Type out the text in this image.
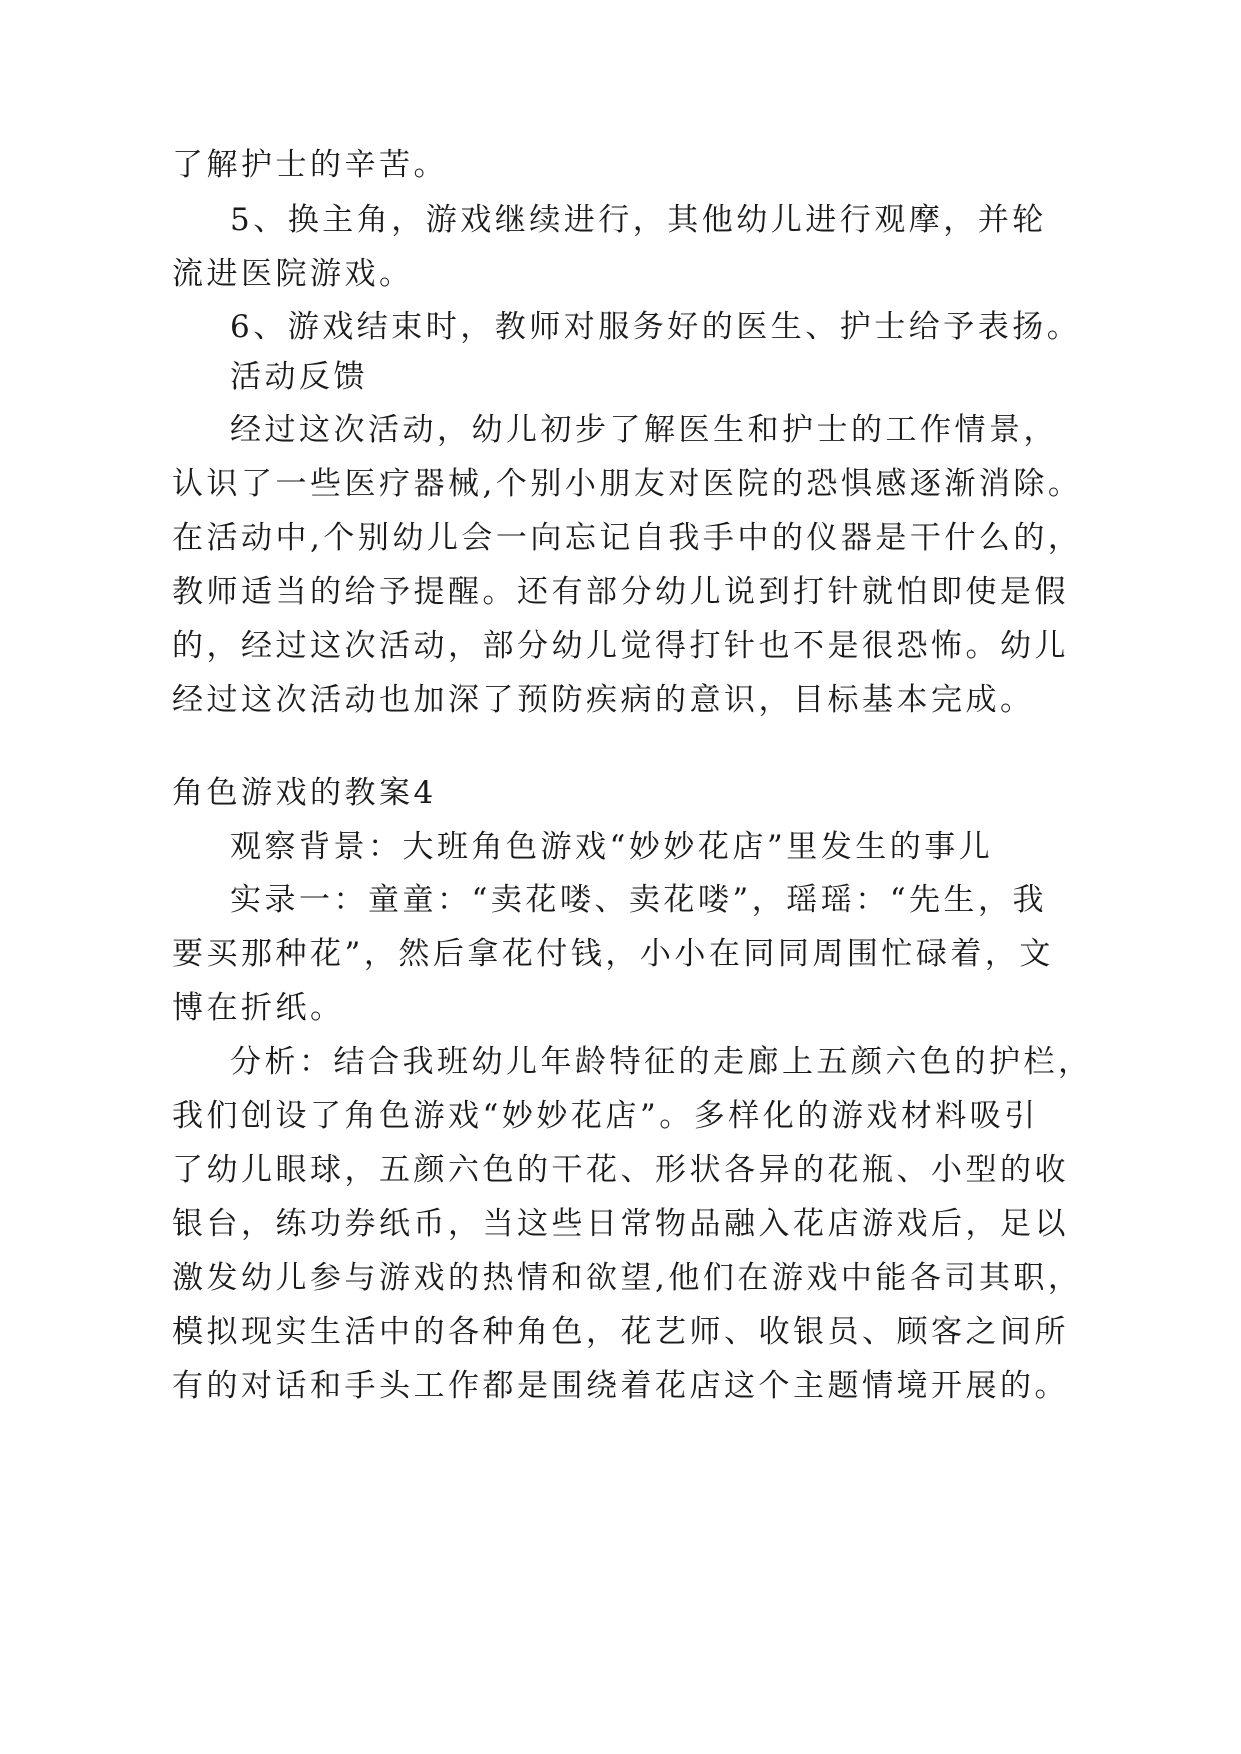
了解护士的辛苦。
5、换主角，游戏继续进行，其他幼儿进行观摩，并轮
流进医院游戏。
6、游戏结束时，教师对服务好的医生、护士给予表扬。
活动反馈
经过这次活动，幼儿初步了解医生和护士的工作情景，
认识了一些医疗器械,个别小朋友对医院的恐惧感逐渐消除。
在活动中,个别幼儿会一向忘记自我手中的仪器是干什么的，
教师适当的给予提醒。还有部分幼儿说到打针就怕即使是假
的，经过这次活动，部分幼儿觉得打针也不是很恐怖。幼儿
经过这次活动也加深了预防疾病的意识，目标基本完成。
角色游戏的教案4
观察背景：大班角色游戏“妙妙花店”里发生的事儿
实录一：童童：“卖花喽、卖花喽”，瑶瑶：“先生，我
要买那种花”，然后拿花付钱，小小在同同周围忙碌着，文
博在折纸。
分析：结合我班幼儿年龄特征的走廊上五颜六色的护栏，
我们创设了角色游戏“妙妙花店”。多样化的游戏材料吸引
了幼儿眼球，五颜六色的干花、形状各异的花瓶、小型的收
银台，练功券纸币，当这些日常物品融入花店游戏后，足以
激发幼儿参与游戏的热情和欲望,他们在游戏中能各司其职，
模拟现实生活中的各种角色，花艺师、收银员、顾客之间所
有的对话和手头工作都是围绕着花店这个主题情境开展的。
